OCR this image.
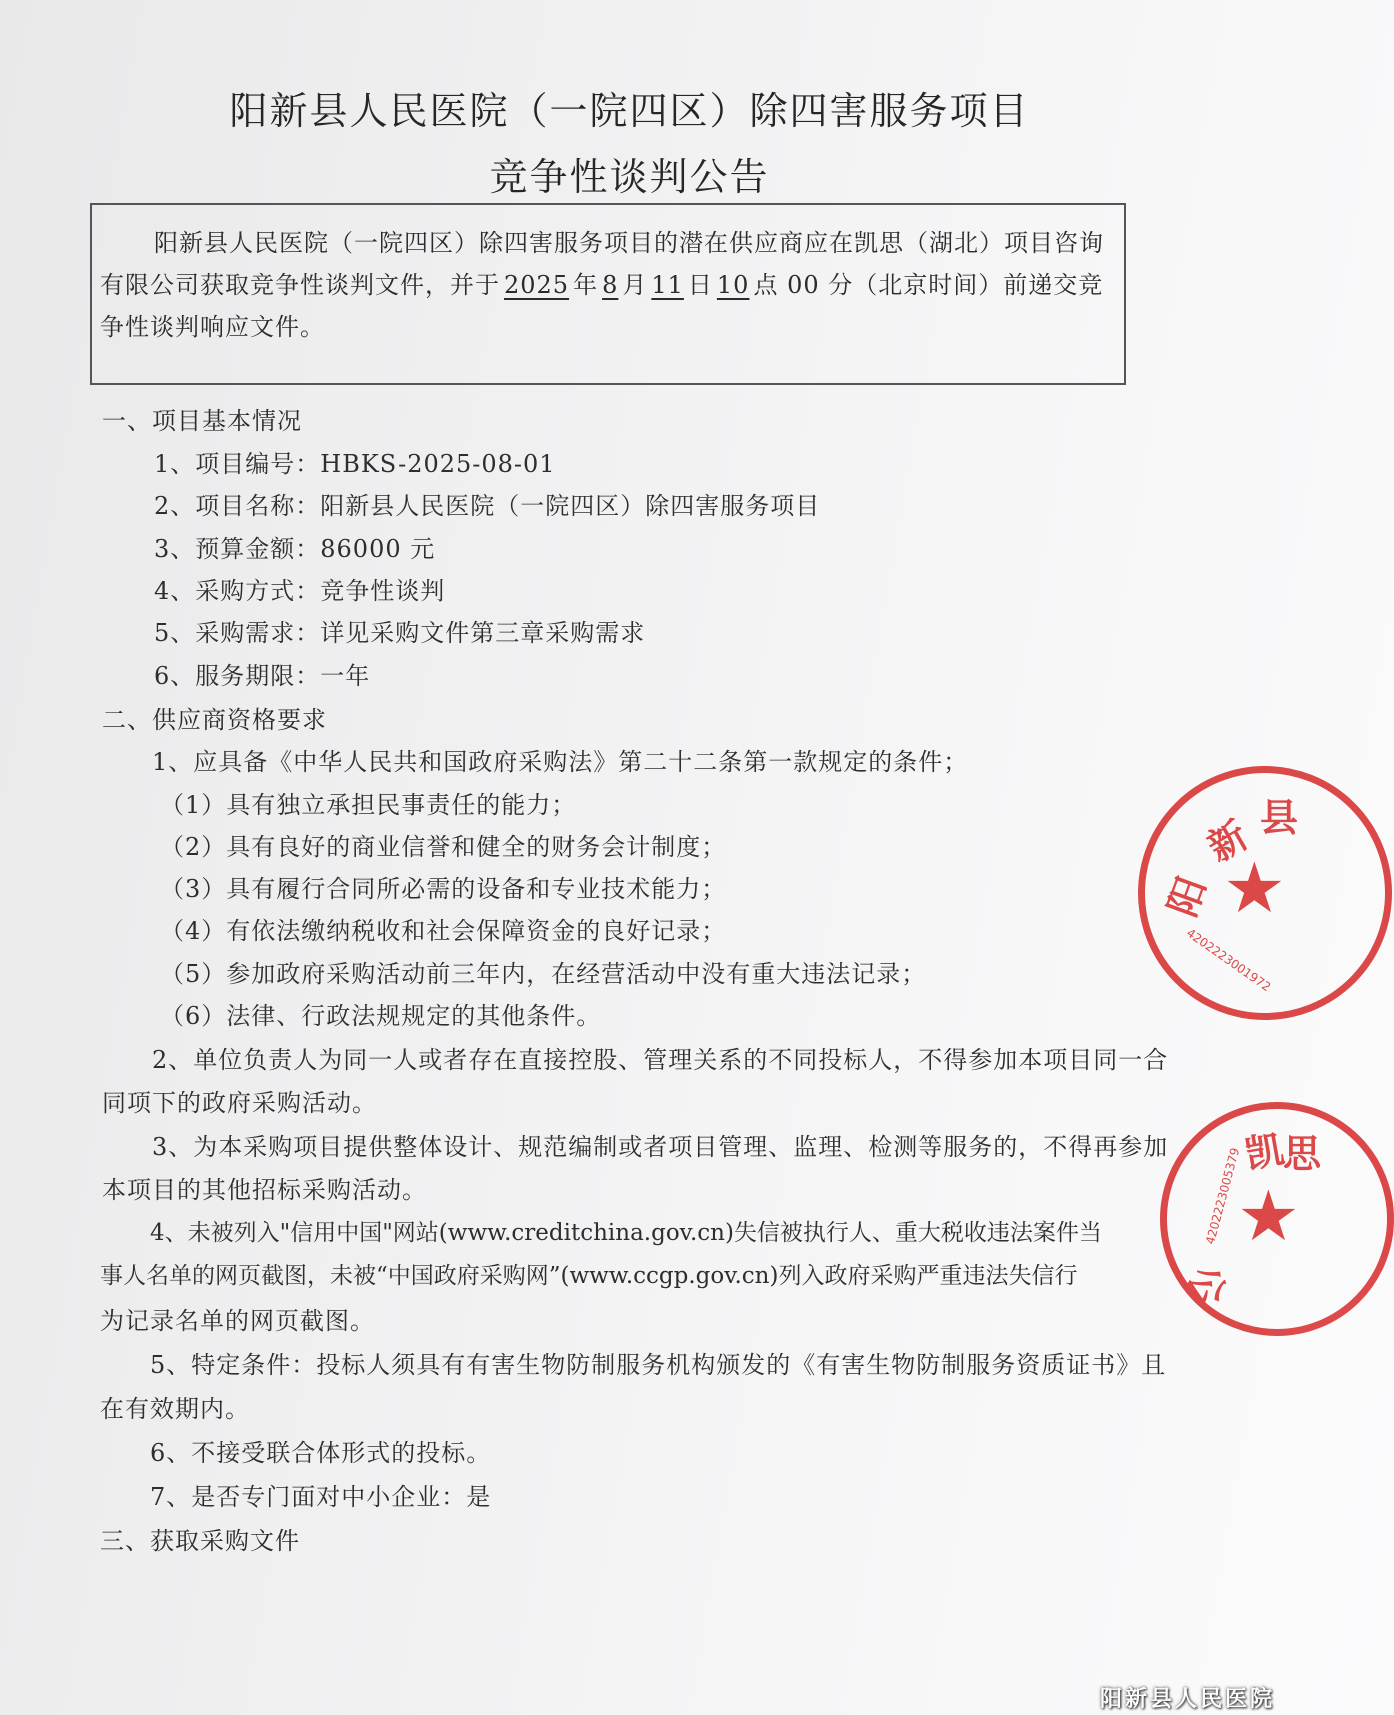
阳新县人民医院（一院四区）除四害服务项目
竞争性谈判公告
阳新县人民医院（一院四区）除四害服务项目的潜在供应商应在凯思（湖北）项目咨询有限公司获取竞争性谈判文件，并于 2025 年 8 月 11 日 10 点 00 分（北京时间）前递交竞争性谈判响应文件。
一、项目基本情况
1、项目编号：HBKS-2025-08-01
2、项目名称：阳新县人民医院（一院四区）除四害服务项目
3、预算金额：86000 元
4、采购方式：竞争性谈判
5、采购需求：详见采购文件第三章采购需求
6、服务期限：一年
二、供应商资格要求
1、应具备《中华人民共和国政府采购法》第二十二条第一款规定的条件；
（1）具有独立承担民事责任的能力；
（2）具有良好的商业信誉和健全的财务会计制度；
（3）具有履行合同所必需的设备和专业技术能力；
（4）有依法缴纳税收和社会保障资金的良好记录；
（5）参加政府采购活动前三年内，在经营活动中没有重大违法记录；
（6）法律、行政法规规定的其他条件。
2、单位负责人为同一人或者存在直接控股、管理关系的不同投标人，不得参加本项目同一合
同项下的政府采购活动。
3、为本采购项目提供整体设计、规范编制或者项目管理、监理、检测等服务的，不得再参加
本项目的其他招标采购活动。
4、未被列入"信用中国"网站(www.creditchina.gov.cn)失信被执行人、重大税收违法案件当
事人名单的网页截图，未被“中国政府采购网”(www.ccgp.gov.cn)列入政府采购严重违法失信行
为记录名单的网页截图。
5、特定条件：投标人须具有有害生物防制服务机构颁发的《有害生物防制服务资质证书》且
在有效期内。
6、不接受联合体形式的投标。
7、是否专门面对中小企业：是
三、获取采购文件
阳
新 县
★
4202223001972
凯
思
公
★
4202223005379
阳新县人民医院
